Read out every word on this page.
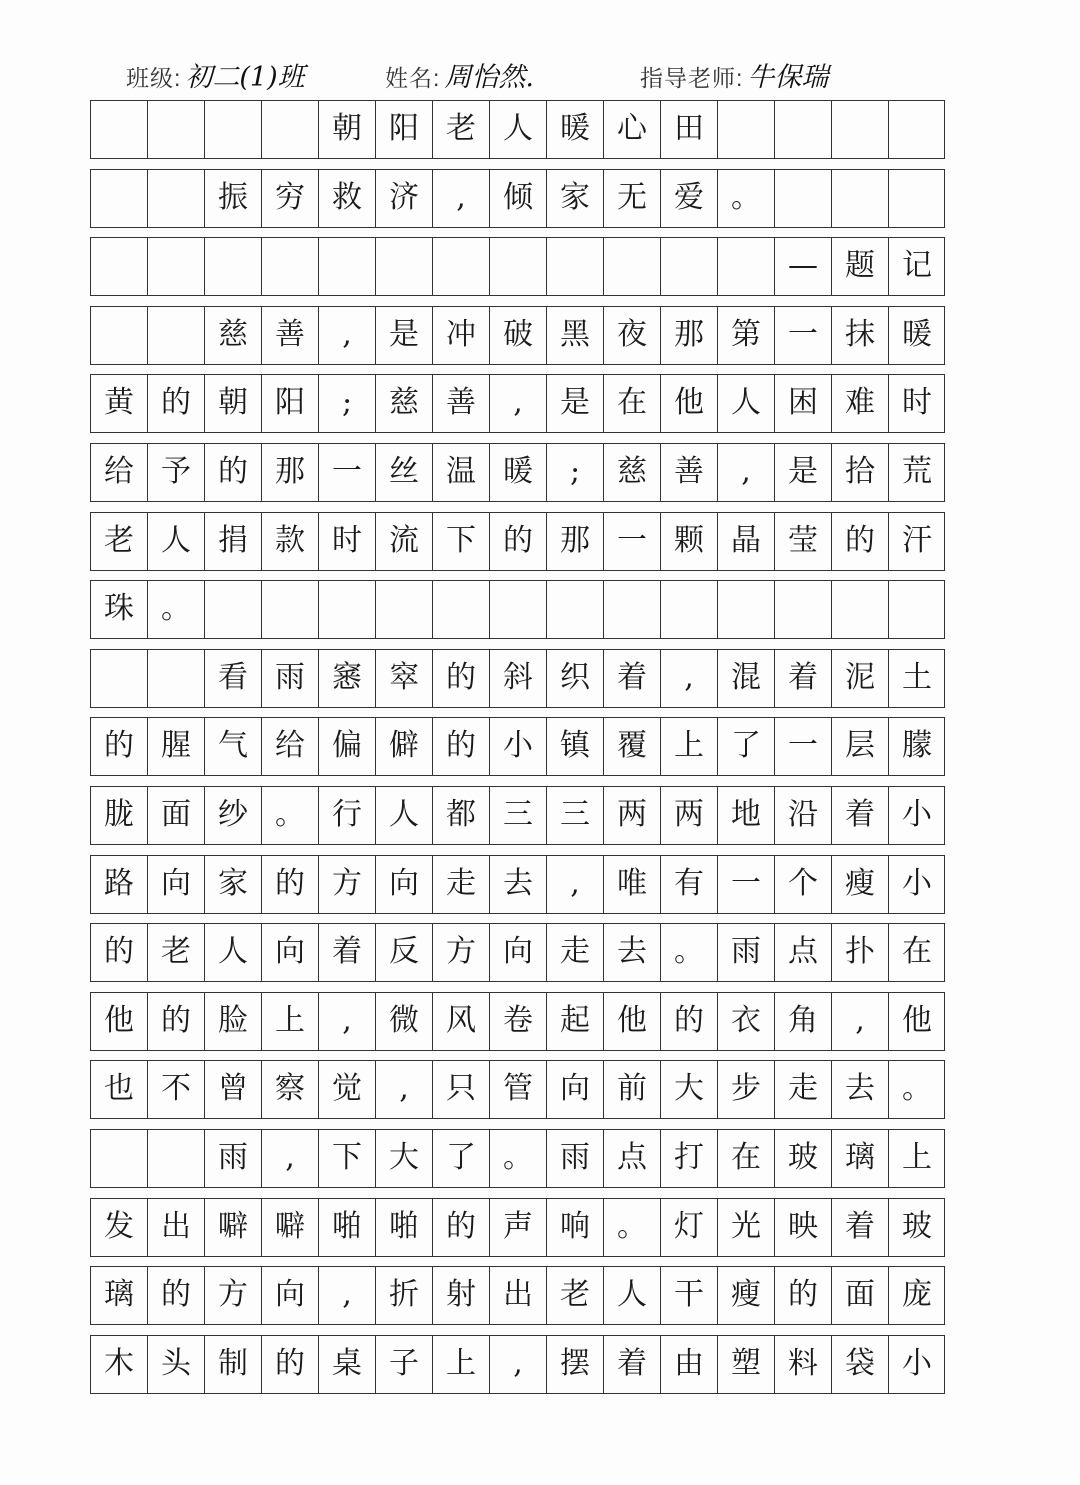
班级: 初二(1)班	姓名: 周怡然.	指导老师: 牛保瑞
朝 阳 老 人 暖 心 田
振 穷 救 济	,	倾 家 无 爱 。
— 题 记
慈 善	,	是 冲 破 黑 夜 那 第 一 抹 暖
黄 的 朝 阳	;	慈 善	,	是 在 他 人 困 难 时
给 予 的 那 一 丝 温 暖	;	慈 善	,	是 拾 荒
老 人 捐 款 时 流 下 的 那 一 颗 晶 莹 的 汗
珠 。
看 雨 窸 窣 的 斜 织 着	,	混 着 泥 土
的 腥 气 给 偏 僻 的 小 镇 覆 上 了 一 层 朦
胧 面 纱 。 行 人 都 三 三 两 两 地 沿 着 小
路 向 家 的 方 向 走 去	,	唯 有 一 个 瘦 小
的 老 人 向 着 反 方 向 走 去 。 雨 点 扑 在
他 的 脸 上	,	微 风 卷 起 他 的 衣 角	,	他
也 不 曾 察 觉	,	只 管 向 前 大 步 走 去 。
雨	,	下 大 了 。 雨 点 打 在 玻 璃 上
发 出 噼 噼 啪 啪 的 声 响 。 灯 光 映 着 玻
璃 的 方 向	,	折 射 出 老 人 干 瘦 的 面 庞
木 头 制 的 桌 子 上	,	摆 着 由 塑 料 袋 小
